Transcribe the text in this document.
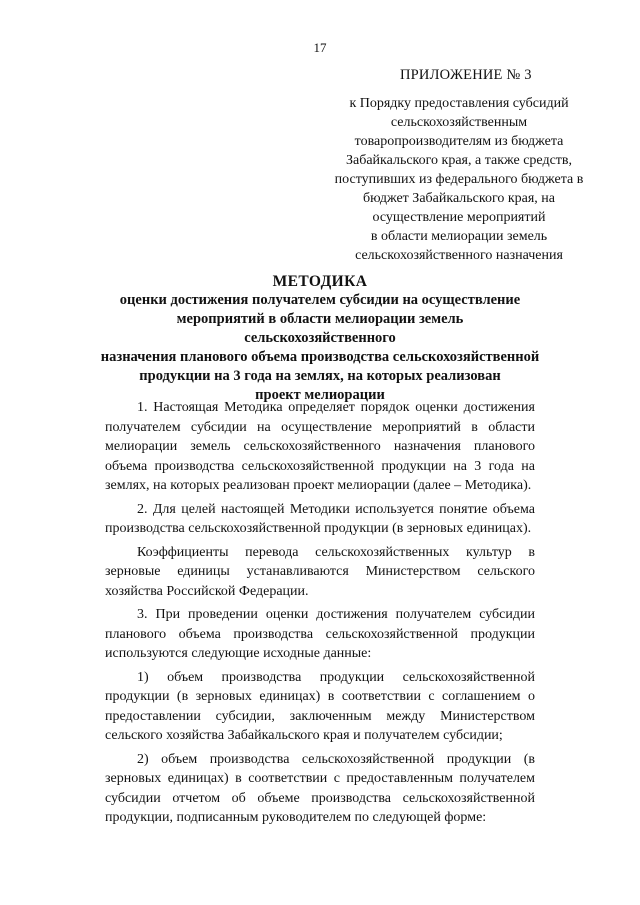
17
ПРИЛОЖЕНИЕ № 3
к Порядку предоставления субсидий
сельскохозяйственным
товаропроизводителям из бюджета
Забайкальского края, а также средств,
поступивших из федерального бюджета в
бюджет Забайкальского края, на
осуществление мероприятий
в области мелиорации земель
сельскохозяйственного назначения
МЕТОДИКА
оценки достижения получателем субсидии на осуществление
мероприятий в области мелиорации земель сельскохозяйственного
назначения планового объема производства сельскохозяйственной
продукции на 3 года на землях, на которых реализован
проект мелиорации

1. Настоящая Методика определяет порядок оценки достижения получателем субсидии на осуществление мероприятий в области мелиорации земель сельскохозяйственного назначения планового объема производства сельскохозяйственной продукции на 3 года на землях, на которых реализован проект мелиорации (далее – Методика).

2. Для целей настоящей Методики используется понятие объема производства сельскохозяйственной продукции (в зерновых единицах).

Коэффициенты перевода сельскохозяйственных культур в зерновые единицы устанавливаются Министерством сельского хозяйства Российской Федерации.

3. При проведении оценки достижения получателем субсидии планового объема производства сельскохозяйственной продукции используются следующие исходные данные:

1) объем производства продукции сельскохозяйственной продукции (в зерновых единицах) в соответствии с соглашением о предоставлении субсидии, заключенным между Министерством сельского хозяйства Забайкальского края и получателем субсидии;

2) объем производства сельскохозяйственной продукции (в зерновых единицах) в соответствии с предоставленным получателем субсидии отчетом об объеме производства сельскохозяйственной продукции, подписанным руководителем по следующей форме:
